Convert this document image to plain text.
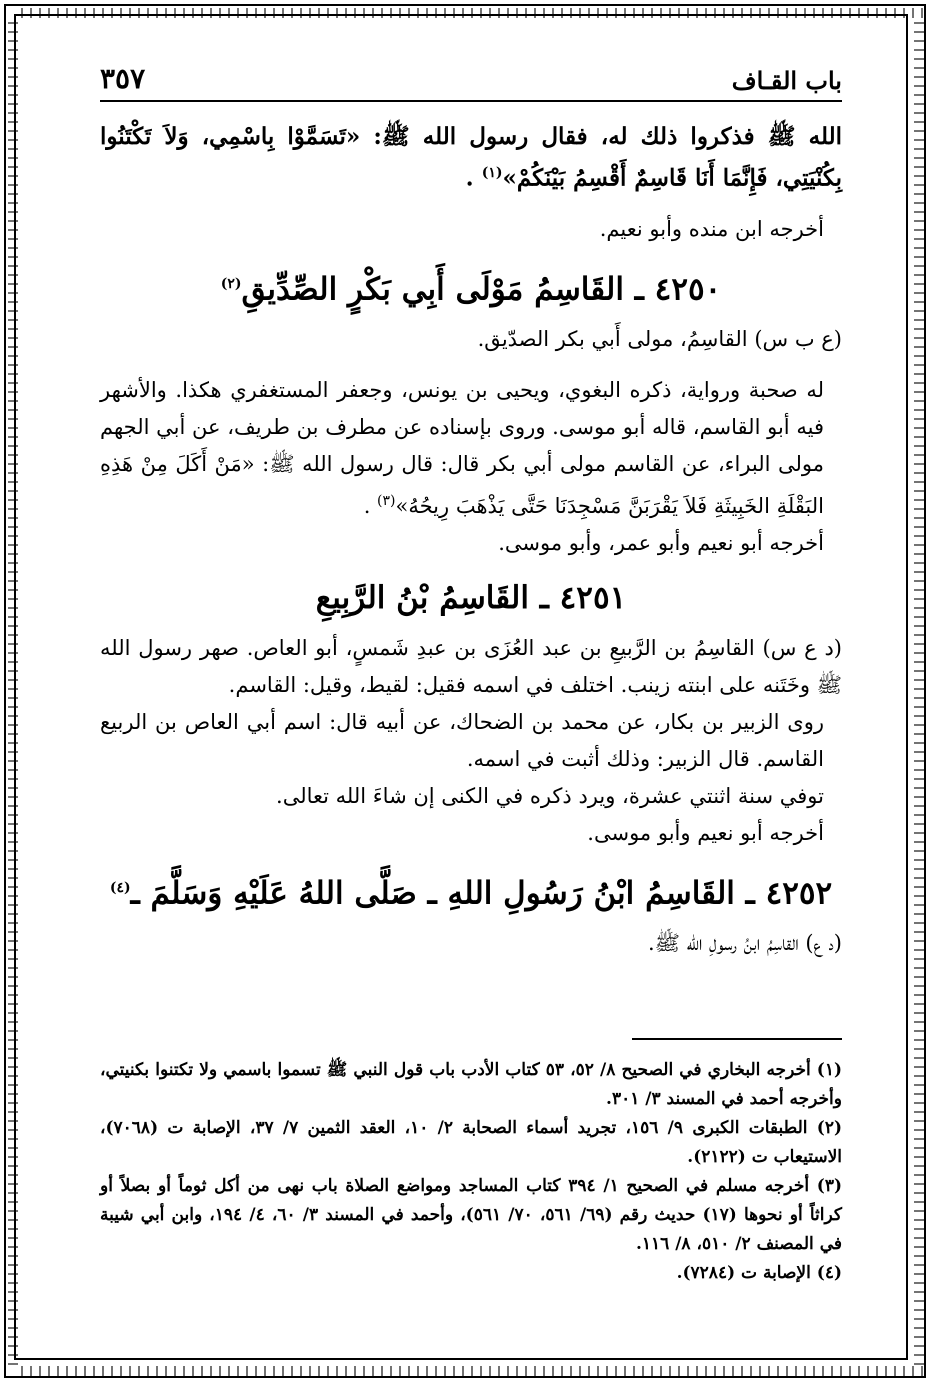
٣٥٧	باب القـاف

الله ﷺ فذكروا ذلك له، فقال رسول الله ﷺ: «تَسَمَّوْا بِاسْمِي، وَلاَ تَكْتَنُوا بِكُنْيَتِي، فَإِنَّمَا أَنَا قَاسِمٌ أَقْسِمُ بَيْنَكُمْ»$^{(١)}$ .

أخرجه ابن منده وأبو نعيم.

٤٢٥٠ ـ القَاسِمُ مَوْلَى أَبِي بَكْرٍ الصِّدِّيقِ$^{(٢)}$

(ع ب س) القاسِمُ، مولى أَبي بكر الصدّيق.

له صحبة ورواية، ذكره البغوي، ويحيى بن يونس، وجعفر المستغفري هكذا. والأشهر فيه أبو القاسم، قاله أبو موسى. وروى بإسناده عن مطرف بن طريف، عن أبي الجهم مولى البراء، عن القاسم مولى أبي بكر قال: قال رسول الله ﷺ: «مَنْ أَكَلَ مِنْ هَذِهِ البَقْلَةِ الخَبِيثَةِ فَلاَ يَقْرَبَنَّ مَسْجِدَنَا حَتَّى يَذْهَبَ رِيحُهُ»$^{(٣)}$ .

أخرجه أبو نعيم وأبو عمر، وأبو موسى.

٤٢٥١ ـ القَاسِمُ بْنُ الرَّبِيعِ

(د ع س) القاسِمُ بن الرَّبيعِ بن عبد العُزَى بن عبدِ شَمسٍ، أبو العاص. صهر رسول الله ﷺ وخَتَنه على ابنته زينب. اختلف في اسمه فقيل: لقيط، وقيل: القاسم.

روى الزبير بن بكار، عن محمد بن الضحاك، عن أبيه قال: اسم أبي العاص بن الربيع القاسم. قال الزبير: وذلك أثبت في اسمه.

توفي سنة اثنتي عشرة، ويرد ذكره في الكنى إن شاءَ الله تعالى.

أخرجه أبو نعيم وأبو موسى.

٤٢٥٢ ـ القَاسِمُ ابْنُ رَسُولِ اللهِ ـ صَلَّى اللهُ عَلَيْهِ وَسَلَّمَ ـ$^{(٤)}$

(د ع) القاسِمُ ابنُ رسولِ الله ﷺ.

(١) أخرجه البخاري في الصحيح ٨/ ٥٢، ٥٣ كتاب الأدب باب قول النبي ﷺ تسموا باسمي ولا تكتنوا بكنيتي، وأخرجه أحمد في المسند ٣/ ٣٠١.

(٢) الطبقات الكبرى ٩/ ١٥٦، تجريد أسماء الصحابة ٢/ ١٠، العقد الثمين ٧/ ٣٧، الإصابة ت (٧٠٦٨)، الاستيعاب ت (٢١٢٢).

(٣) أخرجه مسلم في الصحيح ١/ ٣٩٤ كتاب المساجد ومواضع الصلاة باب نهى من أكل ثوماً أو بصلاً أو كراثاً أو نحوها (١٧) حديث رقم (٦٩/ ٥٦١، ٧٠/ ٥٦١)، وأحمد في المسند ٣/ ٦٠، ٤/ ١٩٤، وابن أبي شيبة في المصنف ٢/ ٥١٠، ٨/ ١١٦.

(٤) الإصابة ت (٧٢٨٤).
